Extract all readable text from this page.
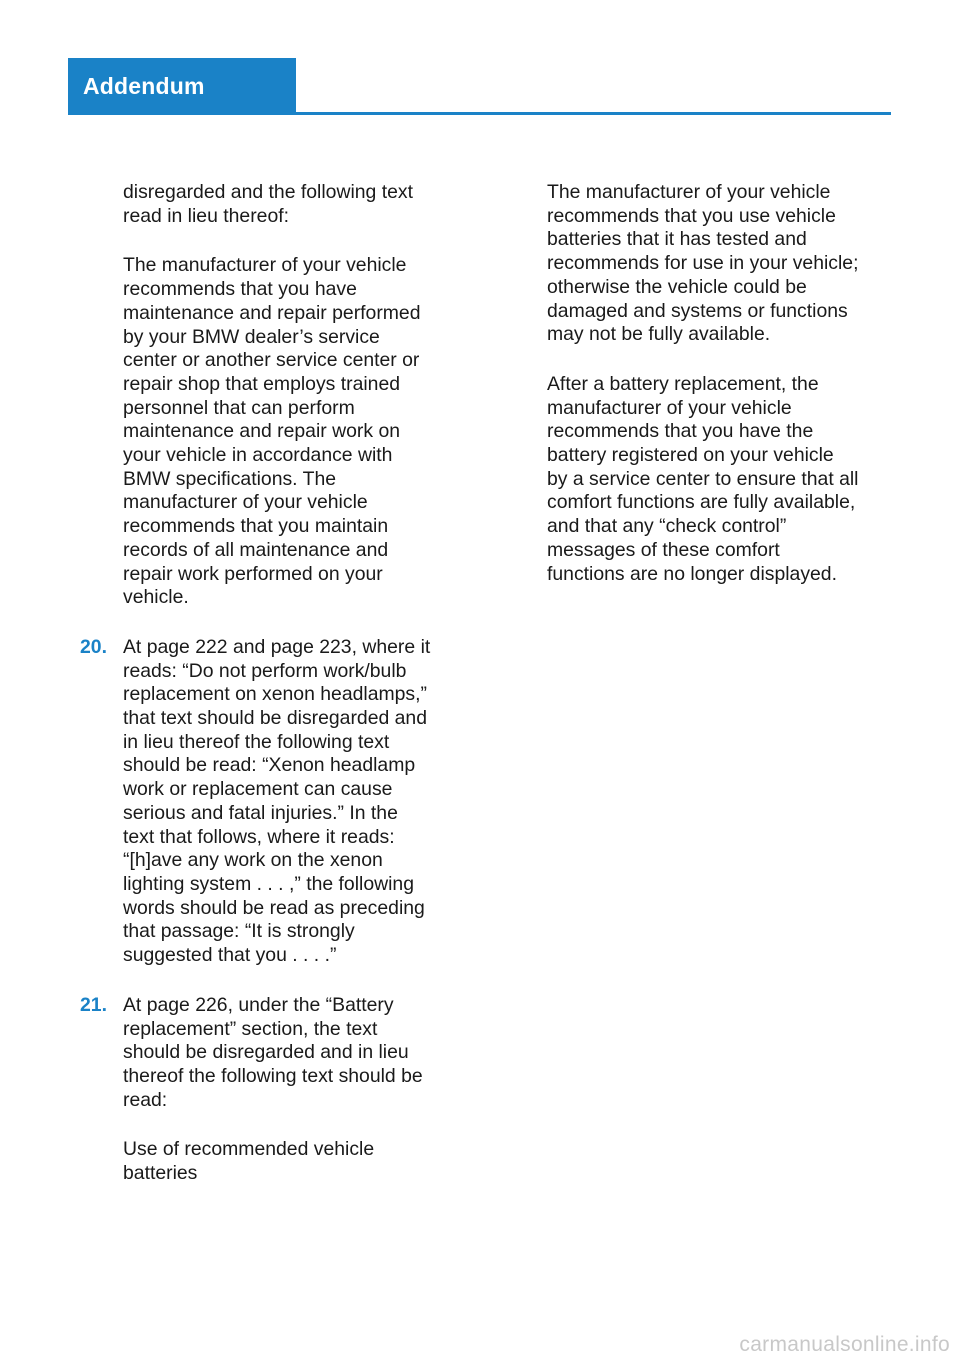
Addendum

disregarded and the following text
read in lieu thereof:

The manufacturer of your vehicle
recommends that you have
maintenance and repair performed
by your BMW dealer’s service
center or another service center or
repair shop that employs trained
personnel that can perform
maintenance and repair work on
your vehicle in accordance with
BMW specifications. The
manufacturer of your vehicle
recommends that you maintain
records of all maintenance and
repair work performed on your
vehicle.

20. At page 222 and page 223, where it
reads: “Do not perform work/bulb
replacement on xenon headlamps,”
that text should be disregarded and
in lieu thereof the following text
should be read: “Xenon headlamp
work or replacement can cause
serious and fatal injuries.” In the
text that follows, where it reads:
“[h]ave any work on the xenon
lighting system . . . ,” the following
words should be read as preceding
that passage: “It is strongly
suggested that you . . . .”
21. At page 226, under the “Battery
replacement” section, the text
should be disregarded and in lieu
thereof the following text should be
read:

Use of recommended vehicle
batteries

The manufacturer of your vehicle
recommends that you use vehicle
batteries that it has tested and
recommends for use in your vehicle;
otherwise the vehicle could be
damaged and systems or functions
may not be fully available.

After a battery replacement, the
manufacturer of your vehicle
recommends that you have the
battery registered on your vehicle
by a service center to ensure that all
comfort functions are fully available,
and that any “check control”
messages of these comfort
functions are no longer displayed.

carmanualsonline.info
